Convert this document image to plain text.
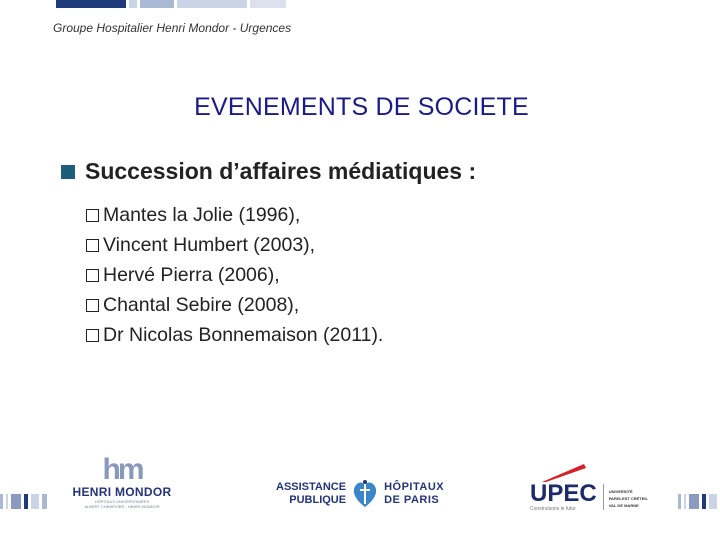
Groupe Hospitalier Henri Mondor - Urgences
EVENEMENTS DE SOCIETE
Succession d’affaires médiatiques :
Mantes la Jolie (1996),
Vincent Humbert (2003),
Hervé Pierra (2006),
Chantal Sebire (2008),
Dr Nicolas Bonnemaison (2011).
hm
HENRI MONDOR
HÔPITAUX UNIVERSITAIRES
ALBERT CHENEVIER - HENRI MONDOR
ASSISTANCE
PUBLIQUE
HÔPITAUX
DE PARIS	UPEC
Construisons le futur
UNIVERSITÉ
PARIS-EST CRÉTEIL
VAL DE MARNE
